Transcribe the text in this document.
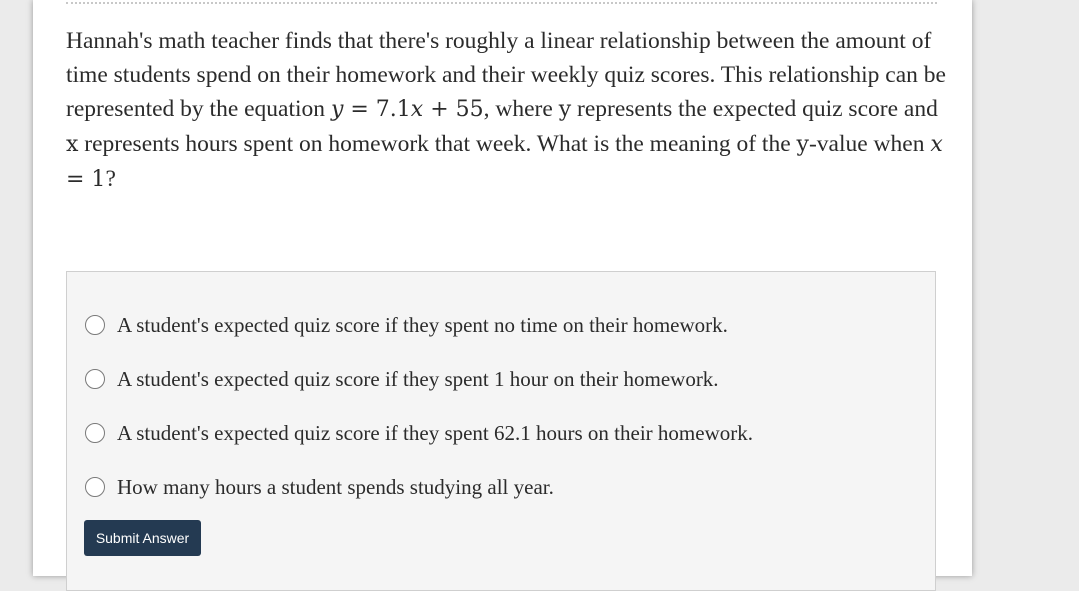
Hannah's math teacher finds that there's roughly a linear relationship between the amount of time students spend on their homework and their weekly quiz scores. This relationship can be represented by the equation y = 7.1x + 55, where y represents the expected quiz score and x represents hours spent on homework that week. What is the meaning of the y-value when x = 1?
A student's expected quiz score if they spent no time on their homework.
A student's expected quiz score if they spent 1 hour on their homework.
A student's expected quiz score if they spent 62.1 hours on their homework.
How many hours a student spends studying all year.
Submit Answer
